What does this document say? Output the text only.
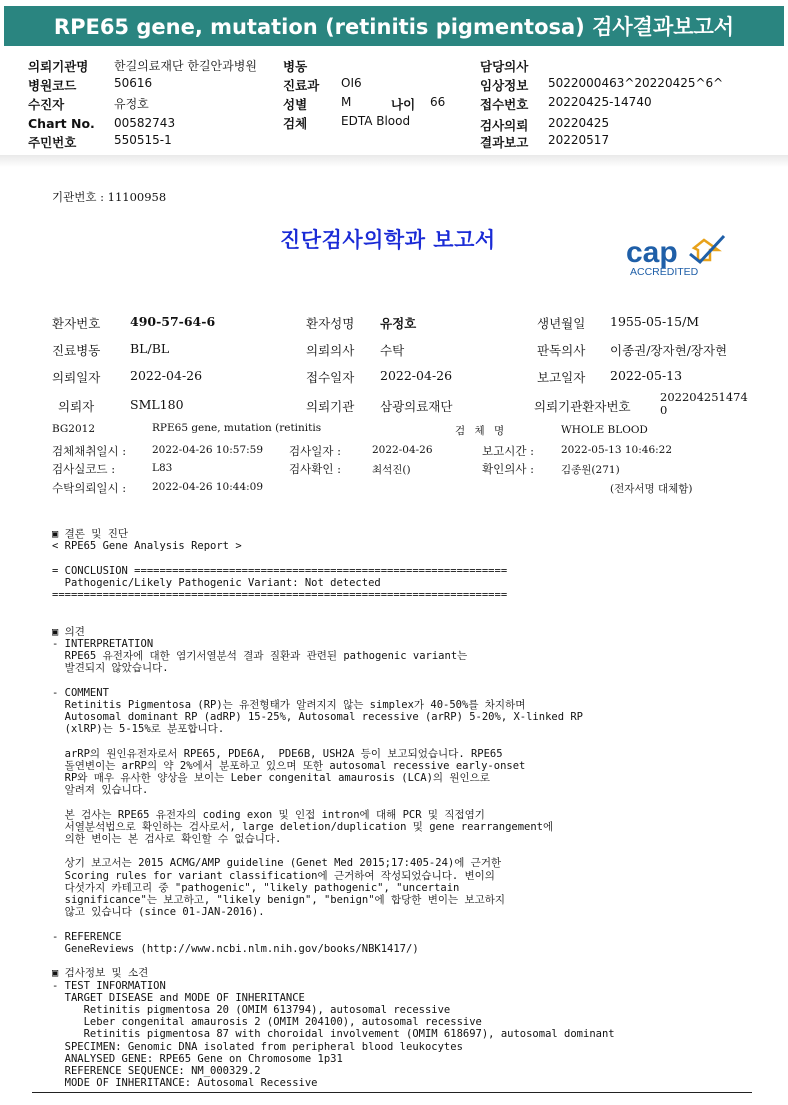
RPE65 gene, mutation (retinitis pigmentosa) 검사결과보고서
의뢰기관명 한길의료재단 한길안과병원
병원코드	50616
수진자	유정호
Chart No. 00582743
주민번호	550515-1
병동
진료과 OI6
성별	M	나이 66
검체	EDTA Blood
담당의사
임상정보 5022000463^20220425^6^
접수번호 20220425-14740
검사의뢰 20220425
결과보고 20220517
기관번호 : 11100958
진단검사의학과 보고서	cap
ACCREDITED
환자번호 490-57-64-6	환자성명 유정호	생년월일 1955-05-15/M
진료병동 BL/BL	의뢰의사 수탁	판독의사 이종권/장자현/장자현
의뢰일자 2022-04-26	접수일자 2022-04-26	보고일자 2022-05-13
의뢰자	SML180	의뢰기관 삼광의료재단	의뢰기관환자번호
202204251474
0
BG2012	RPE65 gene, mutation (retinitis	검 체 명	WHOLE BLOOD
검체채취일시 : 2022-04-26 10:57:59 검사일자 :	2022-04-26	보고시간 :	2022-05-13 10:46:22
검사실코드 :	L83	검사확인 :	최석진()	확인의사 :	김종원(271)
수탁의뢰일시 : 2022-04-26 10:44:09	(전자서명 대체함)
▣ 결론 및 진단
< RPE65 Gene Analysis Report >

= CONCLUSION ===========================================================
Pathogenic/Likely Pathogenic Variant: Not detected
========================================================================

▣ 의견
- INTERPRETATION
RPE65 유전자에 대한 염기서열분석 결과 질환과 관련된 pathogenic variant는
발견되지 않았습니다.

- COMMENT
Retinitis Pigmentosa (RP)는 유전형태가 알려지지 않는 simplex가 40-50%를 차지하며
Autosomal dominant RP (adRP) 15-25%, Autosomal recessive (arRP) 5-20%, X-linked RP
(xlRP)는 5-15%로 분포합니다.

arRP의 원인유전자로서 RPE65, PDE6A,  PDE6B, USH2A 등이 보고되었습니다. RPE65
돌연변이는 arRP의 약 2%에서 분포하고 있으며 또한 autosomal recessive early-onset
RP와 매우 유사한 양상을 보이는 Leber congenital amaurosis (LCA)의 원인으로
알려져 있습니다.

본 검사는 RPE65 유전자의 coding exon 및 인접 intron에 대해 PCR 및 직접염기
서열분석법으로 확인하는 검사로서, large deletion/duplication 및 gene rearrangement에
의한 변이는 본 검사로 확인할 수 없습니다.

상기 보고서는 2015 ACMG/AMP guideline (Genet Med 2015;17:405-24)에 근거한
Scoring rules for variant classification에 근거하여 작성되었습니다. 변이의
다섯가지 카테고리 중 "pathogenic", "likely pathogenic", "uncertain
significance"는 보고하고, "likely benign", "benign"에 합당한 변이는 보고하지
않고 있습니다 (since 01-JAN-2016).

- REFERENCE
GeneReviews (http://www.ncbi.nlm.nih.gov/books/NBK1417/)

▣ 검사정보 및 소견
- TEST INFORMATION
TARGET DISEASE and MODE OF INHERITANCE
Retinitis pigmentosa 20 (OMIM 613794), autosomal recessive
Leber congenital amaurosis 2 (OMIM 204100), autosomal recessive
Retinitis pigmentosa 87 with choroidal involvement (OMIM 618697), autosomal dominant
SPECIMEN: Genomic DNA isolated from peripheral blood leukocytes
ANALYSED GENE: RPE65 Gene on Chromosome 1p31
REFERENCE SEQUENCE: NM_000329.2
MODE OF INHERITANCE: Autosomal Recessive
